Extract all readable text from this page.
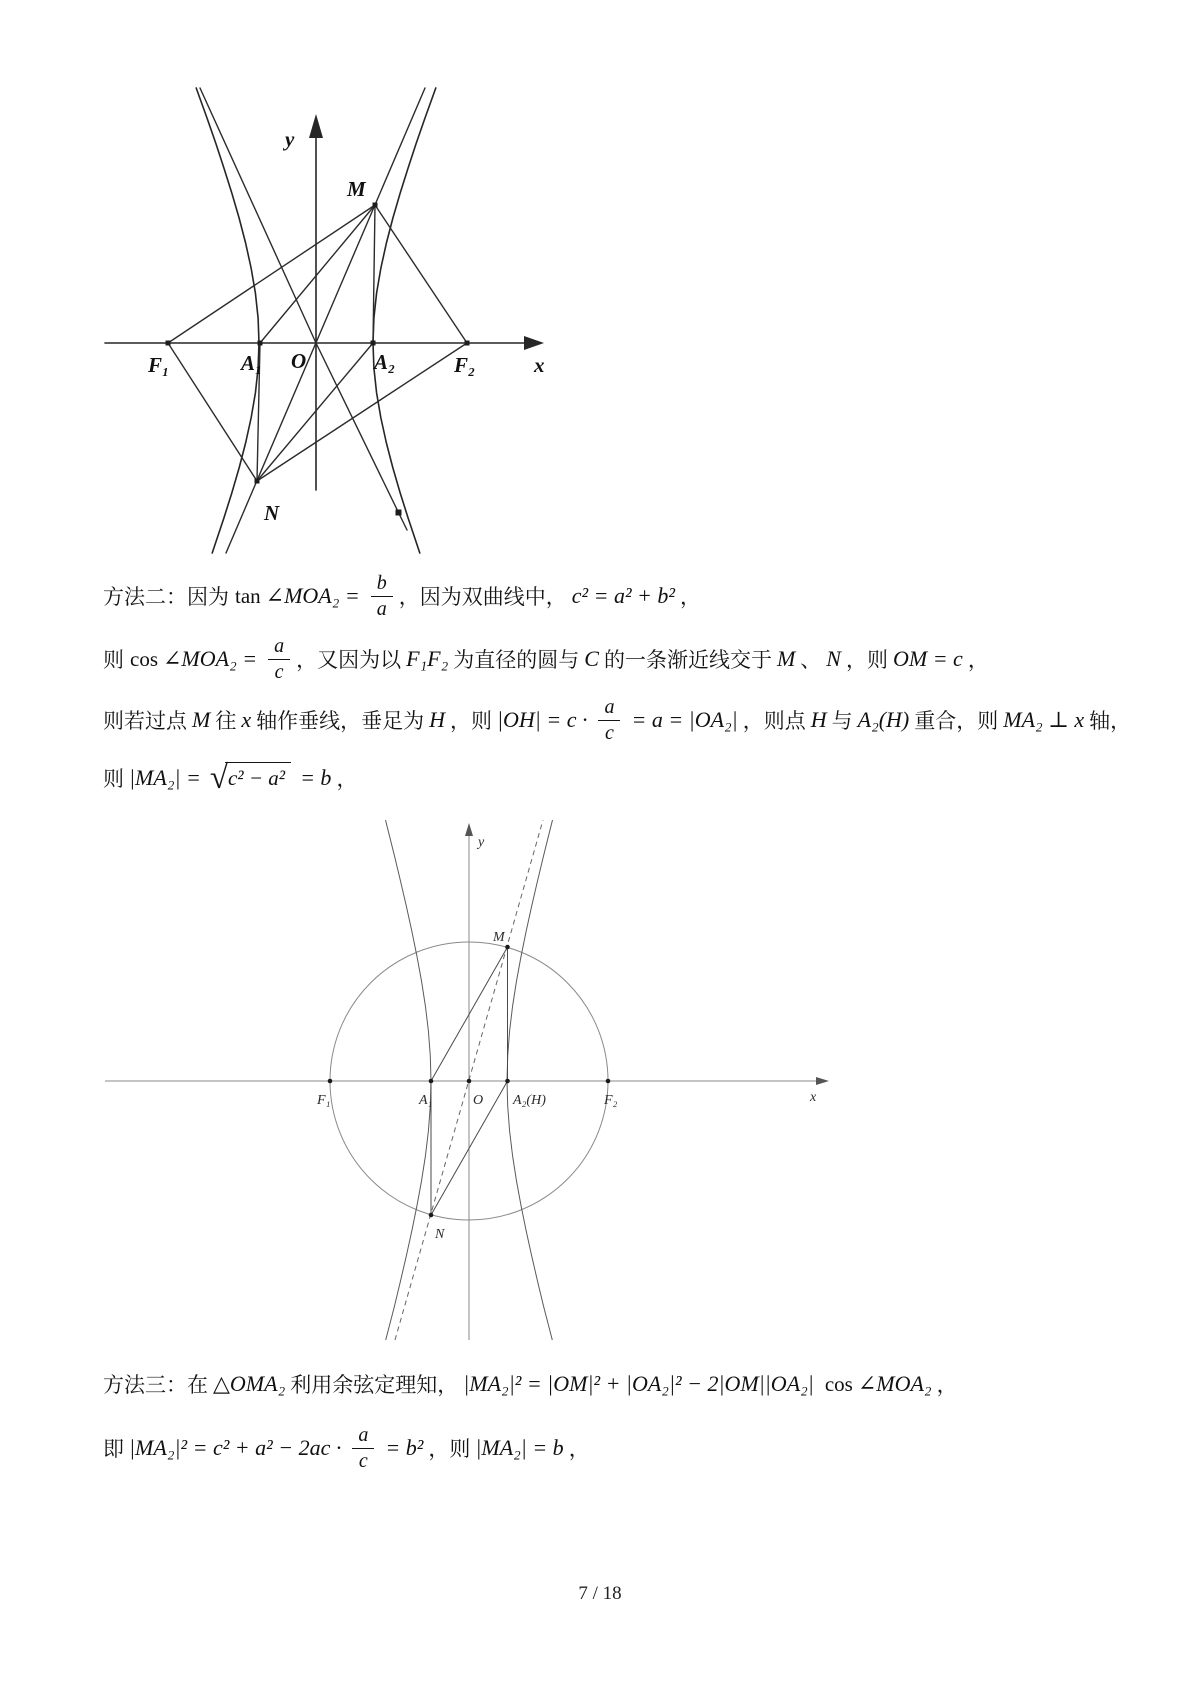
y
x
M
O
F₁	A₁	A₂	F₂
N
方法二：因为 tan ∠MOA₂ = $\frac{b}{a}$ ，因为双曲线中， c² = a² + b² ，
则 cos ∠MOA₂ = $\frac{a}{c}$ ，又因为以 F₁F₂ 为直径的圆与 C 的一条渐近线交于 M 、 N ，则 OM = c ，
则若过点 M 往 x 轴作垂线，垂足为 H ，则 $|OH| = c \cdot \frac{a}{c} = a = |OA_2|$ ，则点 H 与 A₂(H) 重合，则 MA₂ ⊥ x 轴，
则 |MA₂| = √ c² − a² = b ，
y
x
F₁	A₁	O A₂(H)	F₂
M
N
方法三：在 △OMA₂ 利用余弦定理知， |MA₂|² = |OM|² + |OA₂|² − 2|OM||OA₂| cos ∠MOA₂ ，
即 $|MA_2|^2 = c^2 + a^2 - 2ac \cdot \frac{a}{c} = b^2$ ，则 |MA₂| = b ，
7 / 18
